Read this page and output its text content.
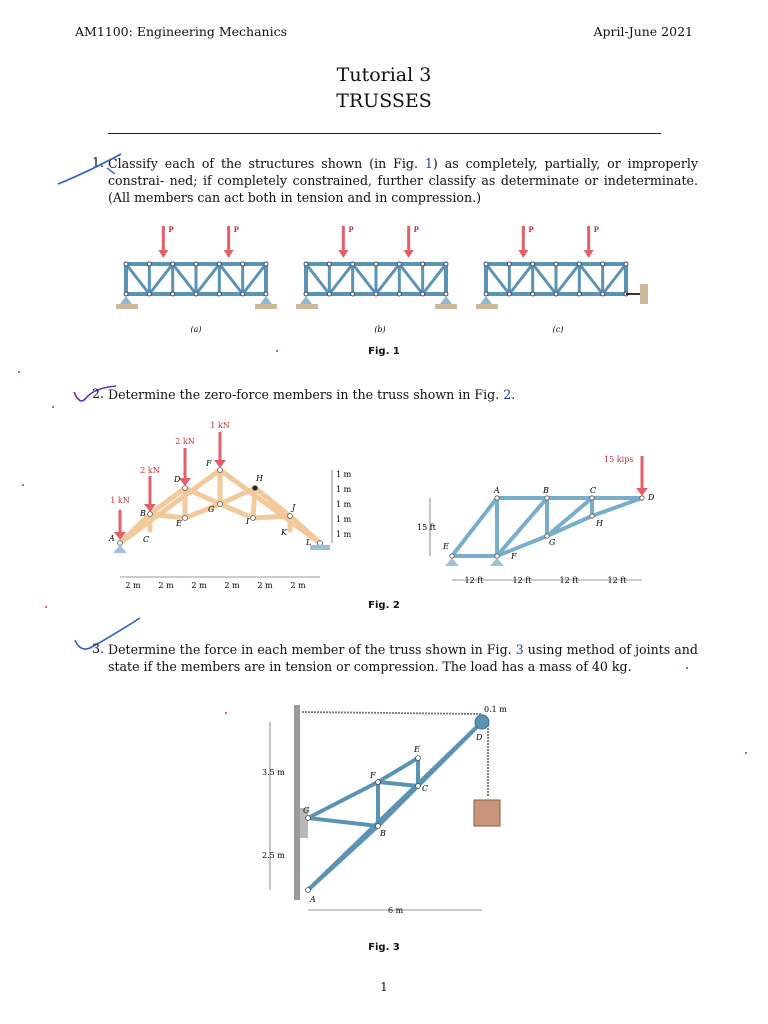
AM1100: Engineering Mechanics	April-June 2021
Tutorial 3
TRUSSES
1. Classify each of the structures shown (in Fig. 1) as completely, partially, or improperly constrai- ned; if completely constrained, further classify as determinate or indeterminate. (All members can act both in tension and in compression.)
P	P	P	P	P	P
(a)	(b)	(c)
Fig. 1
2. Determine the zero-force members in the truss shown in Fig. 2.
1 kN
2 kN
2 kN
1 kN
A
B
C
D
E
F
G
H
I
J
K
L
1 m
1 m
1 m
1 m
1 m
2 m 2 m 2 m 2 m 2 m 2 m
15 kips
A	B	C
D
E
F
G
H
15 ft
12 ft	12 ft	12 ft	12 ft
Fig. 2
3. Determine the force in each member of the truss shown in Fig. 3 using method of joints and state if the members are in tension or compression. The load has a mass of 40 kg.
A
B
C
D
E
F
G
3.5 m
2.5 m
6 m
0.1 m
Fig. 3
1
